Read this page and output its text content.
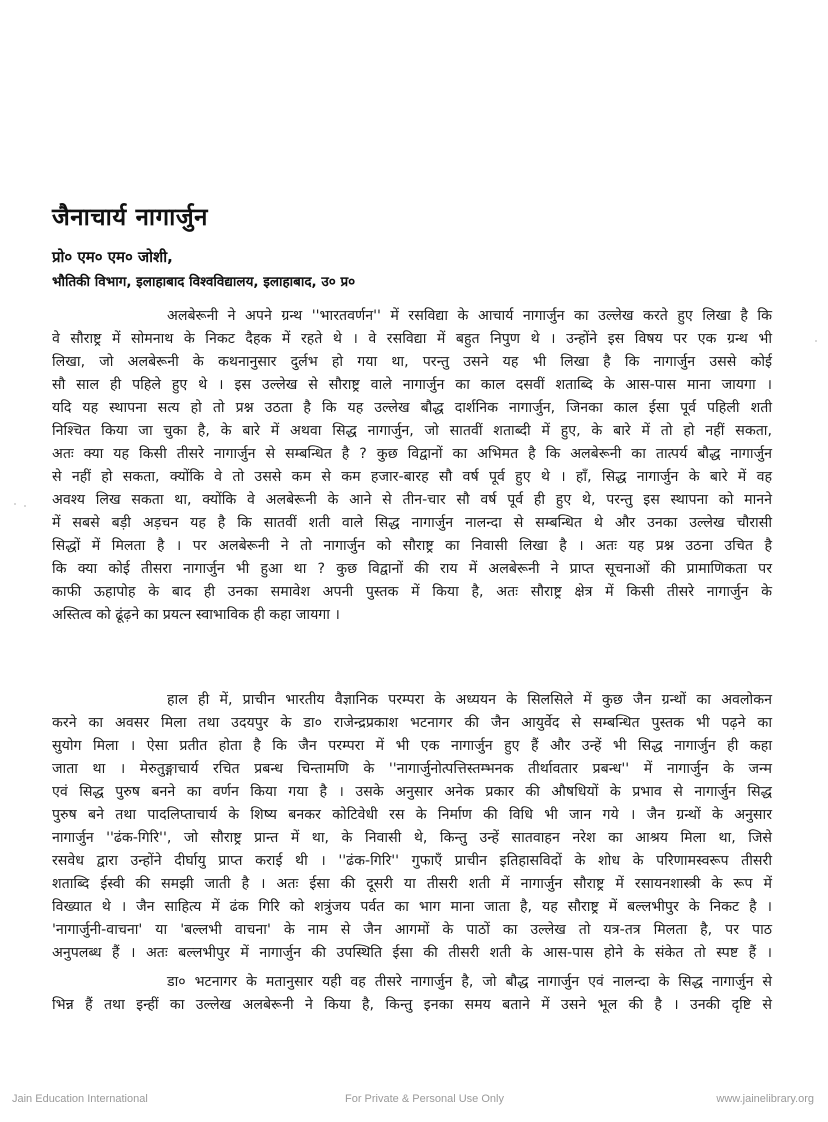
जैनाचार्य नागार्जुन
प्रो० एम० एम० जोशी,
भौतिकी विभाग, इलाहाबाद विश्वविद्यालय, इलाहाबाद, उ० प्र०
अलबेरूनी ने अपने ग्रन्थ ''भारतवर्णन'' में रसविद्या के आचार्य नागार्जुन का उल्लेख करते हुए लिखा है कि
वे सौराष्ट्र में सोमनाथ के निकट दैहक में रहते थे । वे रसविद्या में बहुत निपुण थे । उन्होंने इस विषय पर एक ग्रन्थ भी
लिखा, जो अलबेरूनी के कथनानुसार दुर्लभ हो गया था, परन्तु उसने यह भी लिखा है कि नागार्जुन उससे कोई
सौ साल ही पहिले हुए थे । इस उल्लेख से सौराष्ट्र वाले नागार्जुन का काल दसवीं शताब्दि के आस-पास माना जायगा ।
यदि यह स्थापना सत्य हो तो प्रश्न उठता है कि यह उल्लेख बौद्ध दार्शनिक नागार्जुन, जिनका काल ईसा पूर्व पहिली शती
निश्चित किया जा चुका है, के बारे में अथवा सिद्ध नागार्जुन, जो सातवीं शताब्दी में हुए, के बारे में तो हो नहीं सकता,
अतः क्या यह किसी तीसरे नागार्जुन से सम्बन्धित है ? कुछ विद्वानों का अभिमत है कि अलबेरूनी का तात्पर्य बौद्ध नागार्जुन
से नहीं हो सकता, क्योंकि वे तो उससे कम से कम हजार-बारह सौ वर्ष पूर्व हुए थे । हाँ, सिद्ध नागार्जुन के बारे में वह
अवश्य लिख सकता था, क्योंकि वे अलबेरूनी के आने से तीन-चार सौ वर्ष पूर्व ही हुए थे, परन्तु इस स्थापना को मानने
में सबसे बड़ी अड़चन यह है कि सातवीं शती वाले सिद्ध नागार्जुन नालन्दा से सम्बन्धित थे और उनका उल्लेख चौरासी
सिद्धों में मिलता है । पर अलबेरूनी ने तो नागार्जुन को सौराष्ट्र का निवासी लिखा है । अतः यह प्रश्न उठना उचित है
कि क्या कोई तीसरा नागार्जुन भी हुआ था ? कुछ विद्वानों की राय में अलबेरूनी ने प्राप्त सूचनाओं की प्रामाणिकता पर
काफी ऊहापोह के बाद ही उनका समावेश अपनी पुस्तक में किया है, अतः सौराष्ट्र क्षेत्र में किसी तीसरे नागार्जुन के
अस्तित्व को ढूंढ़ने का प्रयत्न स्वाभाविक ही कहा जायगा ।
हाल ही में, प्राचीन भारतीय वैज्ञानिक परम्परा के अध्ययन के सिलसिले में कुछ जैन ग्रन्थों का अवलोकन
करने का अवसर मिला तथा उदयपुर के डा० राजेन्द्रप्रकाश भटनागर की जैन आयुर्वेद से सम्बन्धित पुस्तक भी पढ़ने का
सुयोग मिला । ऐसा प्रतीत होता है कि जैन परम्परा में भी एक नागार्जुन हुए हैं और उन्हें भी सिद्ध नागार्जुन ही कहा
जाता था । मेरुतुङ्गाचार्य रचित प्रबन्ध चिन्तामणि के ''नागार्जुनोत्पत्तिस्तम्भनक तीर्थावतार प्रबन्ध'' में नागार्जुन के जन्म
एवं सिद्ध पुरुष बनने का वर्णन किया गया है । उसके अनुसार अनेक प्रकार की औषधियों के प्रभाव से नागार्जुन सिद्ध
पुरुष बने तथा पादलिप्ताचार्य के शिष्य बनकर कोटिवेधी रस के निर्माण की विधि भी जान गये । जैन ग्रन्थों के अनुसार
नागार्जुन ''ढंक-गिरि'', जो सौराष्ट्र प्रान्त में था, के निवासी थे, किन्तु उन्हें सातवाहन नरेश का आश्रय मिला था, जिसे
रसवेध द्वारा उन्होंने दीर्घायु प्राप्त कराई थी । ''ढंक-गिरि'' गुफाएँ प्राचीन इतिहासविदों के शोध के परिणामस्वरूप तीसरी
शताब्दि ईस्वी की समझी जाती है । अतः ईसा की दूसरी या तीसरी शती में नागार्जुन सौराष्ट्र में रसायनशास्त्री के रूप में
विख्यात थे । जैन साहित्य में ढंक गिरि को शत्रुंजय पर्वत का भाग माना जाता है, यह सौराष्ट्र में बल्लभीपुर के निकट है ।
'नागार्जुनी-वाचना' या 'बल्लभी वाचना' के नाम से जैन आगमों के पाठों का उल्लेख तो यत्र-तत्र मिलता है, पर पाठ
अनुपलब्ध हैं । अतः बल्लभीपुर में नागार्जुन की उपस्थिति ईसा की तीसरी शती के आस-पास होने के संकेत तो स्पष्ट हैं ।
डा० भटनागर के मतानुसार यही वह तीसरे नागार्जुन है, जो बौद्ध नागार्जुन एवं नालन्दा के सिद्ध नागार्जुन से
भिन्न हैं तथा इन्हीं का उल्लेख अलबेरूनी ने किया है, किन्तु इनका समय बताने में उसने भूल की है । उनकी दृष्टि से
Jain Education International	For Private & Personal Use Only	www.jainelibrary.org
